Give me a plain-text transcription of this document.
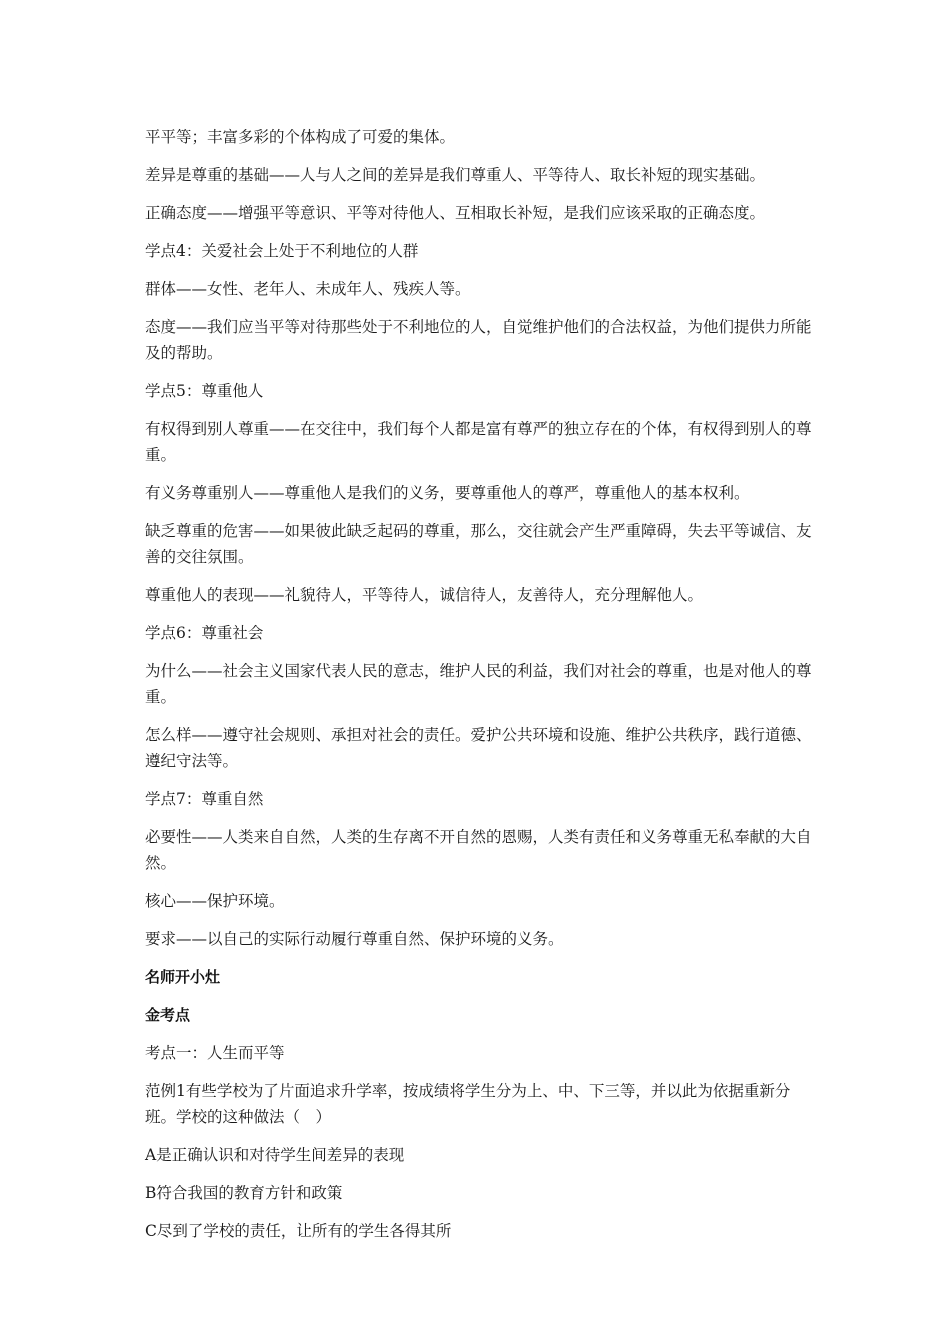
平平等；丰富多彩的个体构成了可爱的集体。

差异是尊重的基础——人与人之间的差异是我们尊重人、平等待人、取长补短的现实基础。

正确态度——增强平等意识、平等对待他人、互相取长补短，是我们应该采取的正确态度。

学点4：关爱社会上处于不利地位的人群

群体——女性、老年人、未成年人、残疾人等。

态度——我们应当平等对待那些处于不利地位的人，自觉维护他们的合法权益，为他们提供力所能及的帮助。

学点5：尊重他人

有权得到别人尊重——在交往中，我们每个人都是富有尊严的独立存在的个体，有权得到别人的尊重。

有义务尊重别人——尊重他人是我们的义务，要尊重他人的尊严，尊重他人的基本权利。

缺乏尊重的危害——如果彼此缺乏起码的尊重，那么，交往就会产生严重障碍，失去平等诚信、友善的交往氛围。

尊重他人的表现——礼貌待人，平等待人，诚信待人，友善待人，充分理解他人。

学点6：尊重社会

为什么——社会主义国家代表人民的意志，维护人民的利益，我们对社会的尊重，也是对他人的尊重。

怎么样——遵守社会规则、承担对社会的责任。爱护公共环境和设施、维护公共秩序，践行道德、遵纪守法等。

学点7：尊重自然

必要性——人类来自自然，人类的生存离不开自然的恩赐，人类有责任和义务尊重无私奉献的大自然。

核心——保护环境。

要求——以自己的实际行动履行尊重自然、保护环境的义务。

名师开小灶

金考点

考点一：人生而平等

范例1有些学校为了片面追求升学率，按成绩将学生分为上、中、下三等，并以此为依据重新分班。学校的这种做法（　）

A是正确认识和对待学生间差异的表现

B符合我国的教育方针和政策

C尽到了学校的责任，让所有的学生各得其所
